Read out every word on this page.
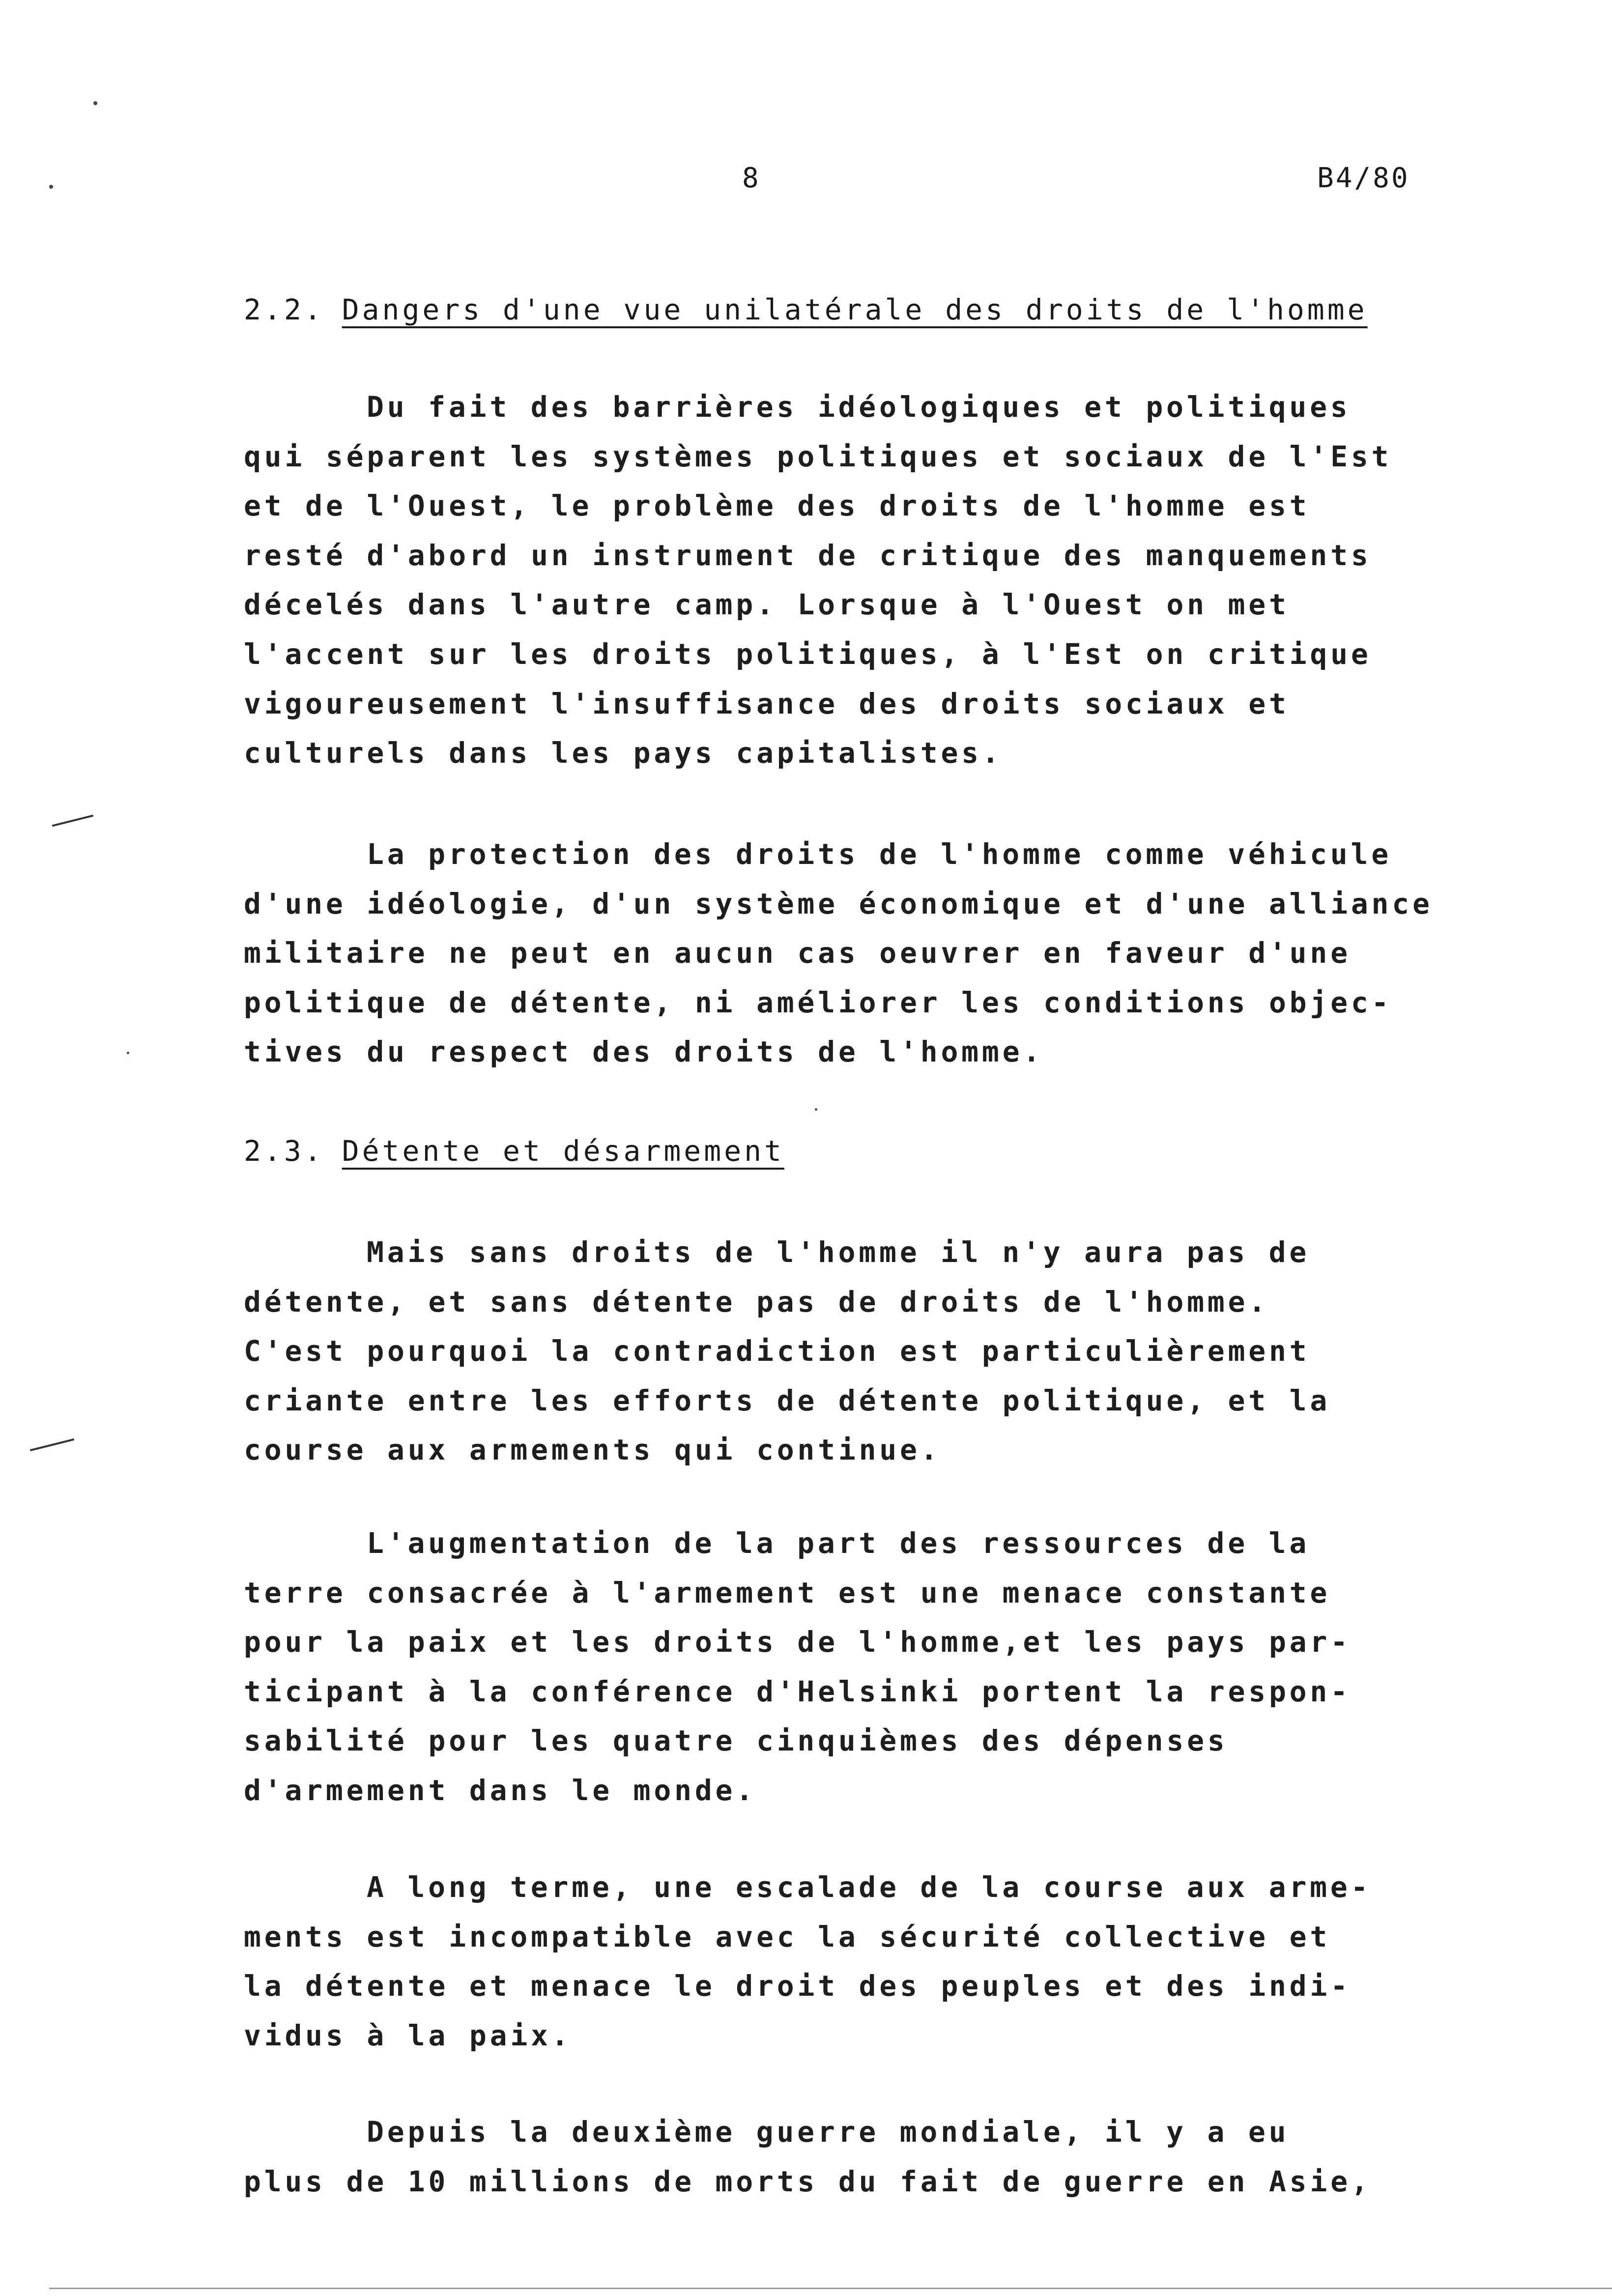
8	B4/80
2.2. Dangers d'une vue unilatérale des droits de l'homme
Du fait des barrières idéologiques et politiques
qui séparent les systèmes politiques et sociaux de l'Est
et de l'Ouest, le problème des droits de l'homme est
resté d'abord un instrument de critique des manquements
décelés dans l'autre camp. Lorsque à l'Ouest on met
l'accent sur les droits politiques, à l'Est on critique
vigoureusement l'insuffisance des droits sociaux et
culturels dans les pays capitalistes.
La protection des droits de l'homme comme véhicule
d'une idéologie, d'un système économique et d'une alliance
militaire ne peut en aucun cas oeuvrer en faveur d'une
politique de détente, ni améliorer les conditions objec-
tives du respect des droits de l'homme.
2.3. Détente et désarmement
Mais sans droits de l'homme il n'y aura pas de
détente, et sans détente pas de droits de l'homme.
C'est pourquoi la contradiction est particulièrement
criante entre les efforts de détente politique, et la
course aux armements qui continue.
L'augmentation de la part des ressources de la
terre consacrée à l'armement est une menace constante
pour la paix et les droits de l'homme,et les pays par-
ticipant à la conférence d'Helsinki portent la respon-
sabilité pour les quatre cinquièmes des dépenses
d'armement dans le monde.
A long terme, une escalade de la course aux arme-
ments est incompatible avec la sécurité collective et
la détente et menace le droit des peuples et des indi-
vidus à la paix.
Depuis la deuxième guerre mondiale, il y a eu
plus de 10 millions de morts du fait de guerre en Asie,
